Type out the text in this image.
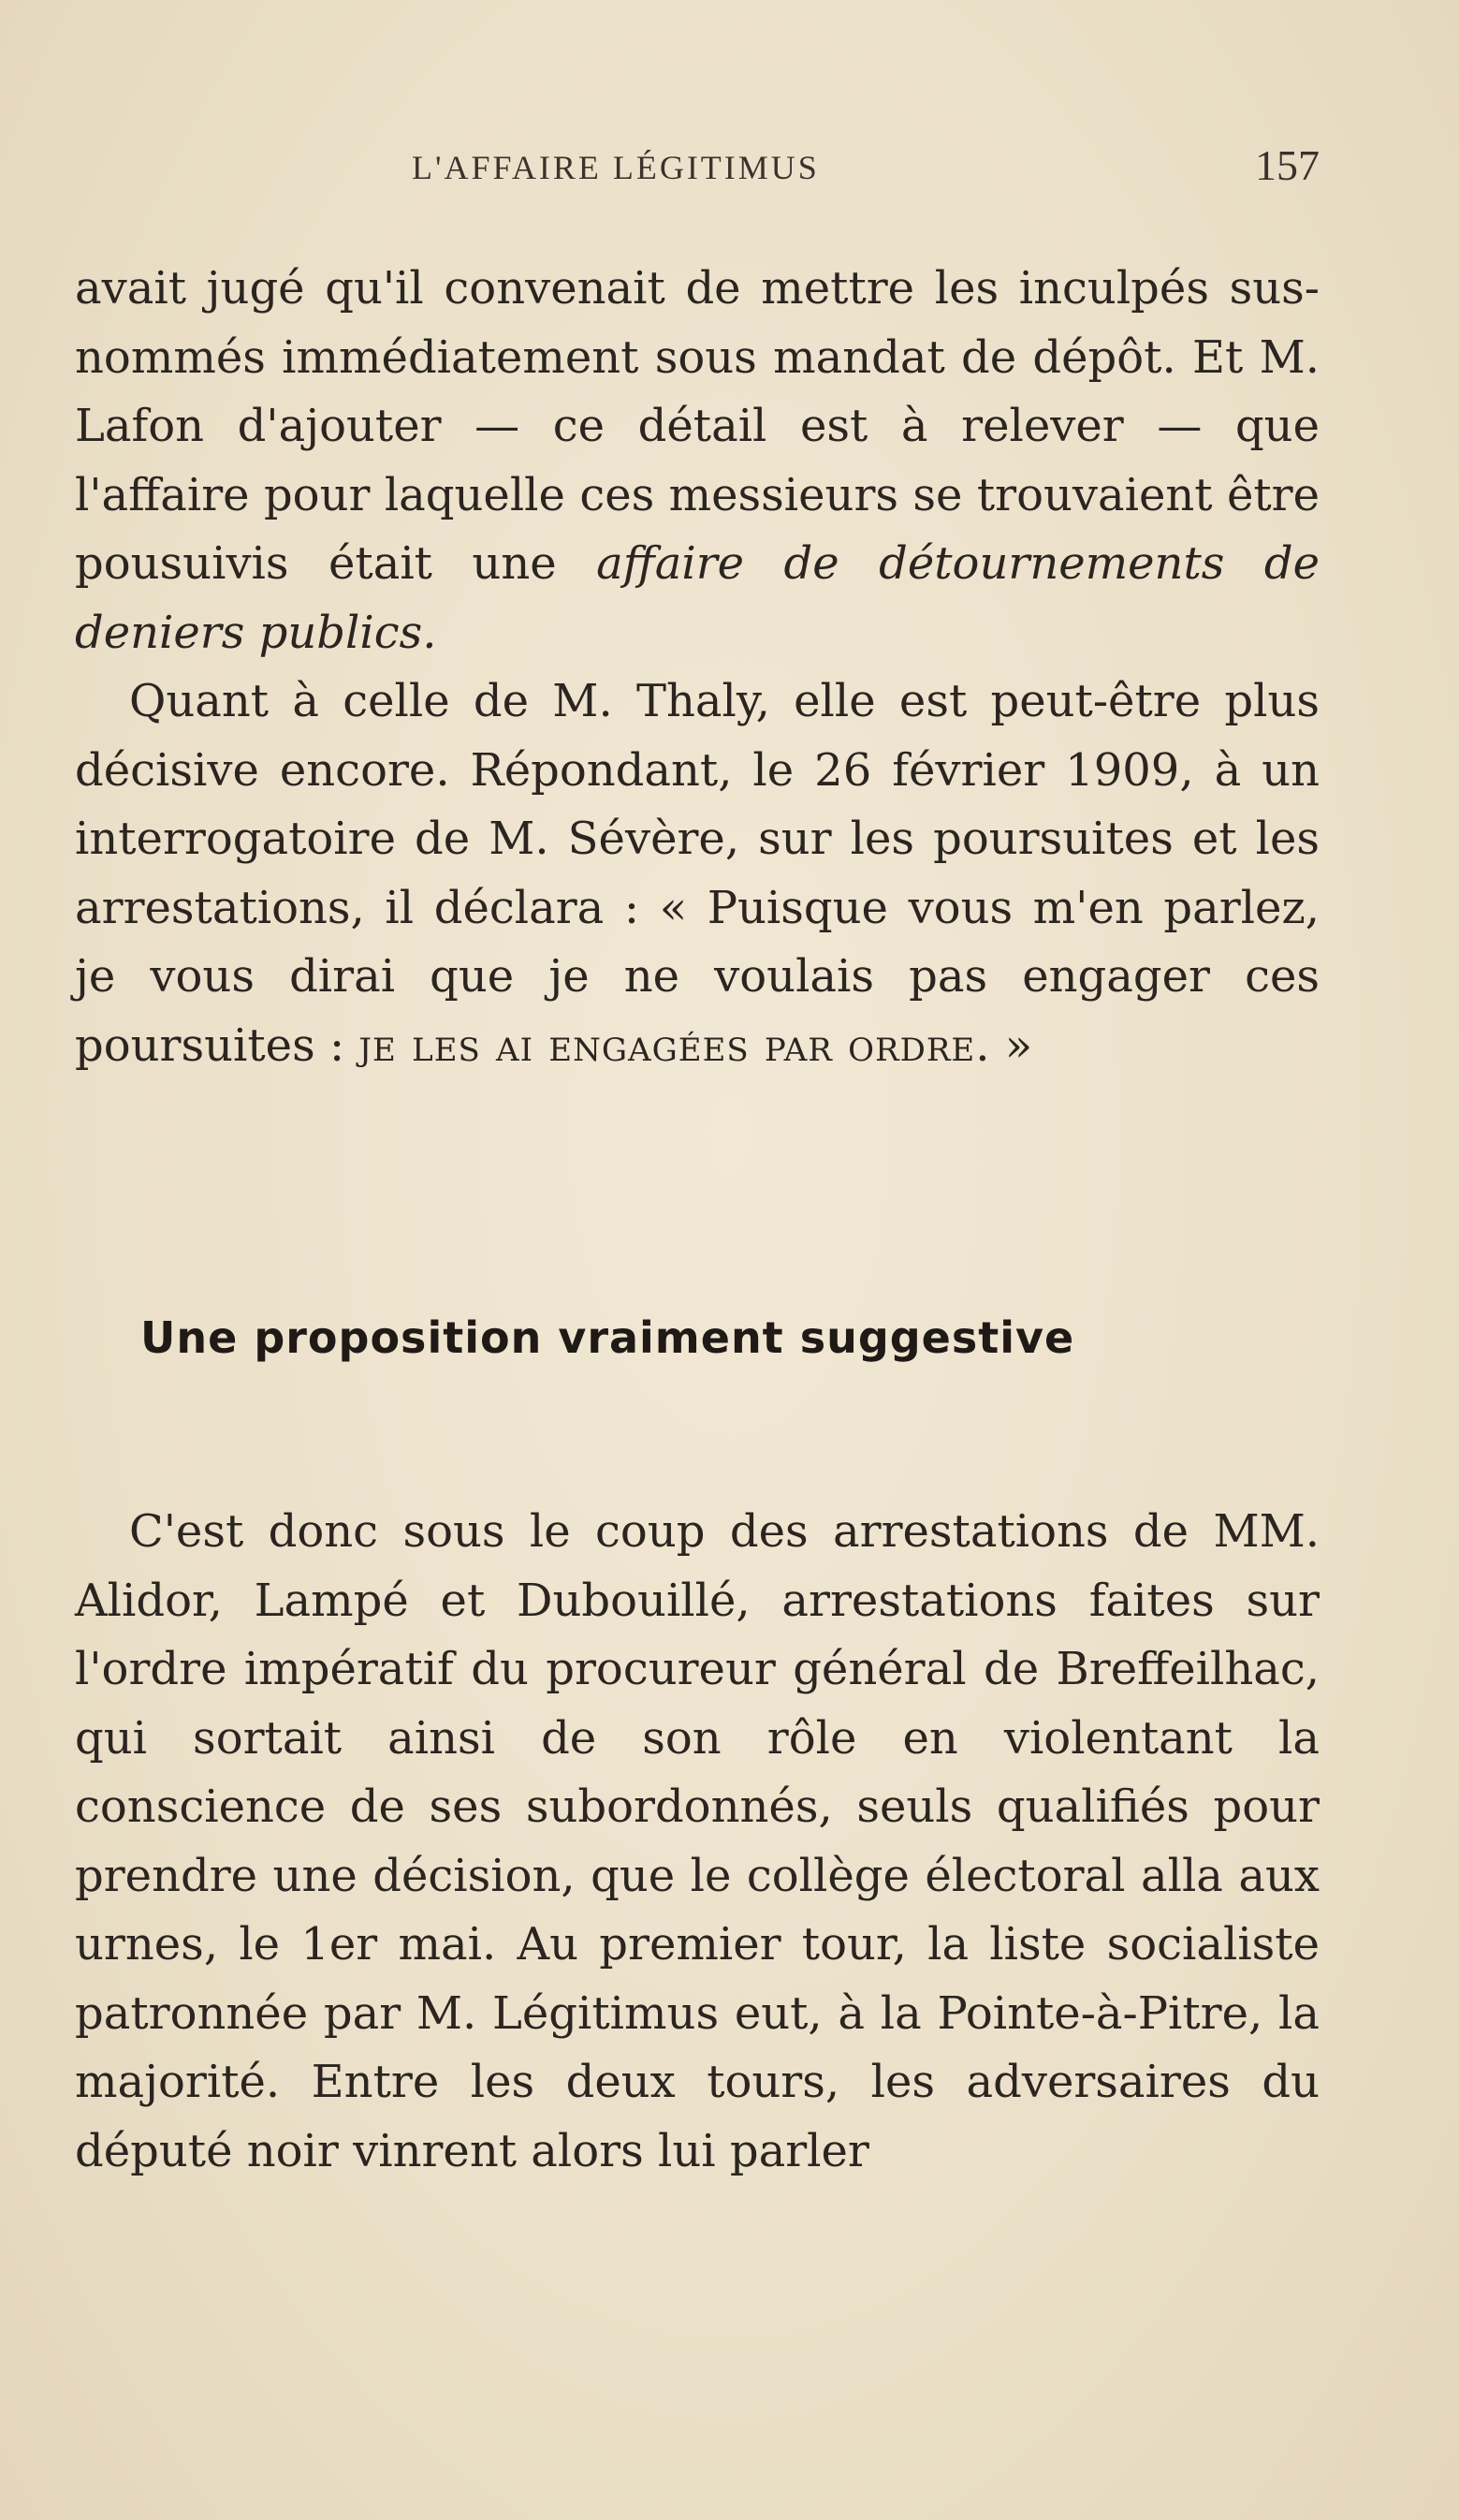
L'AFFAIRE LÉGITIMUS	157

avait jugé qu'il convenait de mettre les inculpés sus-nommés immédiatement sous mandat de dépôt. Et M. Lafon d'ajouter — ce détail est à relever — que l'affaire pour laquelle ces messieurs se trouvaient être pousuivis était une affaire de détournements de deniers publics.

Quant à celle de M. Thaly, elle est peut-être plus décisive encore. Répondant, le 26 février 1909, à un interrogatoire de M. Sévère, sur les poursuites et les arrestations, il déclara : « Puisque vous m'en parlez, je vous dirai que je ne voulais pas engager ces poursuites : je les ai engagées par ordre. »

Une proposition vraiment suggestive

C'est donc sous le coup des arrestations de MM. Alidor, Lampé et Dubouillé, arrestations faites sur l'ordre impératif du procureur général de Breffeilhac, qui sortait ainsi de son rôle en violentant la conscience de ses subordonnés, seuls qualifiés pour prendre une décision, que le collège électoral alla aux urnes, le 1er mai. Au premier tour, la liste socialiste patronnée par M. Légitimus eut, à la Pointe-à-Pitre, la majorité. Entre les deux tours, les adversaires du député noir vinrent alors lui parler
